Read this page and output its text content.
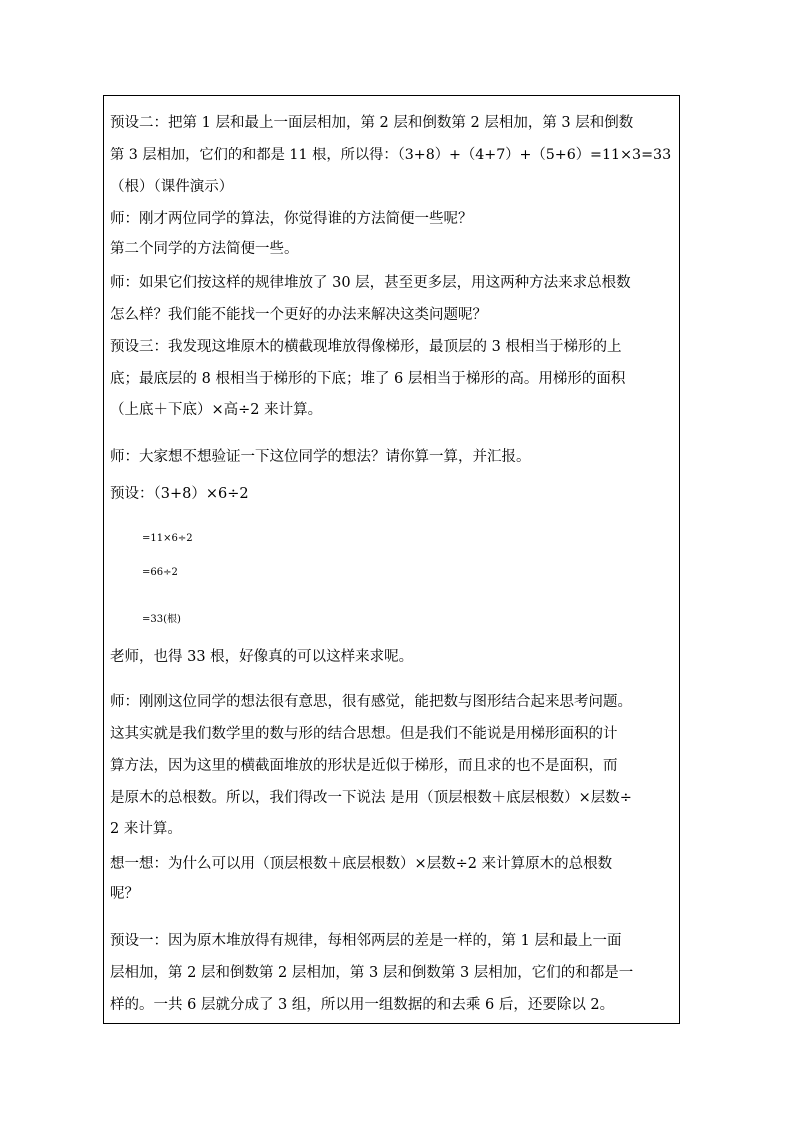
预设二：把第 1 层和最上一面层相加，第 2 层和倒数第 2 层相加，第 3 层和倒数

第 3 层相加，它们的和都是 11 根，所以得：（3+8）+（4+7）+（5+6）=11×3=33

（根）（课件演示）

师：刚才两位同学的算法，你觉得谁的方法简便一些呢？

第二个同学的方法简便一些。

师：如果它们按这样的规律堆放了 30 层，甚至更多层，用这两种方法来求总根数

怎么样？我们能不能找一个更好的办法来解决这类问题呢？

预设三：我发现这堆原木的横截现堆放得像梯形，最顶层的 3 根相当于梯形的上

底；最底层的 8 根相当于梯形的下底；堆了 6 层相当于梯形的高。用梯形的面积

（上底＋下底）×高÷2 来计算。

师：大家想不想验证一下这位同学的想法？请你算一算，并汇报。

预设：（3+8）×6÷2

=11×6÷2

=66÷2

=33(根)

老师，也得 33 根，好像真的可以这样来求呢。

师：刚刚这位同学的想法很有意思，很有感觉，能把数与图形结合起来思考问题。

这其实就是我们数学里的数与形的结合思想。但是我们不能说是用梯形面积的计

算方法，因为这里的横截面堆放的形状是近似于梯形，而且求的也不是面积，而

是原木的总根数。所以，我们得改一下说法 是用（顶层根数＋底层根数）×层数÷

2 来计算。

想一想：为什么可以用（顶层根数＋底层根数）×层数÷2 来计算原木的总根数

呢？

预设一：因为原木堆放得有规律，每相邻两层的差是一样的，第 1 层和最上一面

层相加，第 2 层和倒数第 2 层相加，第 3 层和倒数第 3 层相加，它们的和都是一

样的。一共 6 层就分成了 3 组，所以用一组数据的和去乘 6 后，还要除以 2。
